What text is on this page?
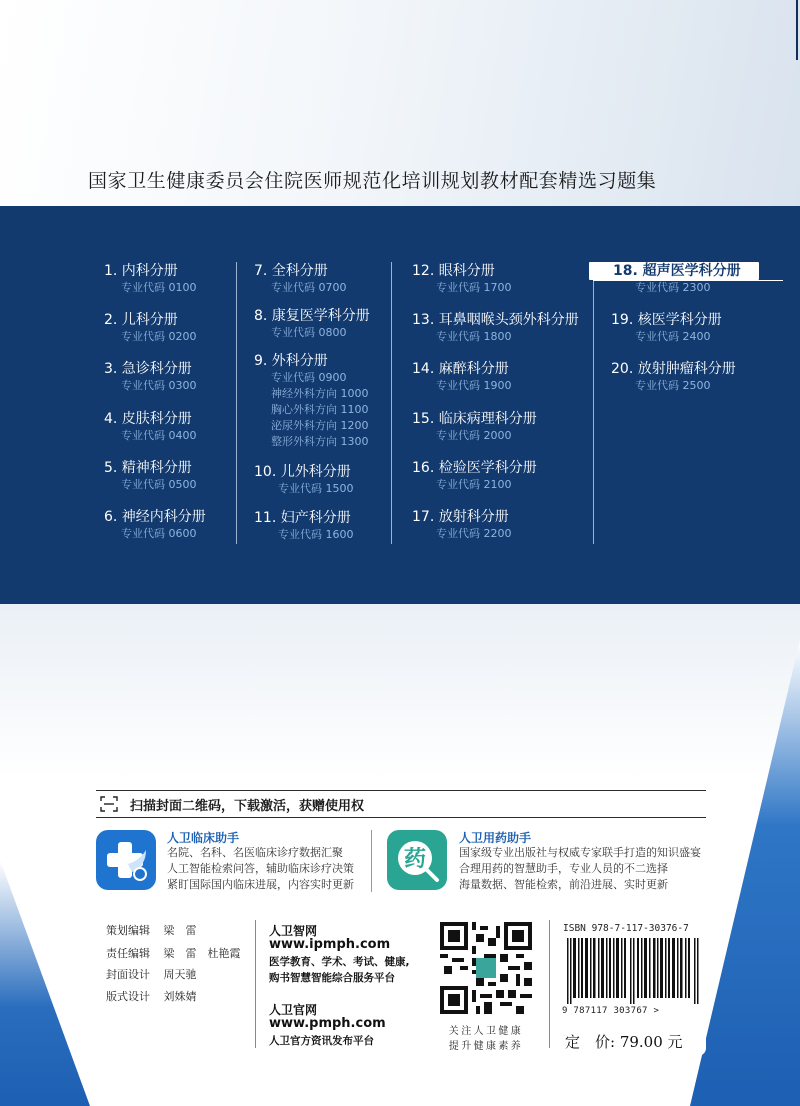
国家卫生健康委员会住院医师规范化培训规划教材配套精选习题集
1. 内科分册
专业代码 0100
2. 儿科分册
专业代码 0200
3. 急诊科分册
专业代码 0300
4. 皮肤科分册
专业代码 0400
5. 精神科分册
专业代码 0500
6. 神经内科分册
专业代码 0600
7. 全科分册
专业代码 0700
8. 康复医学科分册
专业代码 0800
9. 外科分册
专业代码 0900
神经外科方向 1000
胸心外科方向 1100
泌尿外科方向 1200
整形外科方向 1300
10. 儿外科分册
专业代码 1500
11. 妇产科分册
专业代码 1600
12. 眼科分册
专业代码 1700
13. 耳鼻咽喉头颈外科分册
专业代码 1800
14. 麻醉科分册
专业代码 1900
15. 临床病理科分册
专业代码 2000
16. 检验医学科分册
专业代码 2100
17. 放射科分册
专业代码 2200
18. 超声医学科分册
专业代码 2300
19. 核医学科分册
专业代码 2400
20. 放射肿瘤科分册
专业代码 2500
扫描封面二维码，下载激活，获赠使用权
人卫临床助手
名院、名科、名医临床诊疗数据汇聚
人工智能检索问答，辅助临床诊疗决策
紧盯国际国内临床进展，内容实时更新
药
人卫用药助手
国家级专业出版社与权威专家联手打造的知识盛宴
合理用药的智慧助手，专业人员的不二选择
海量数据、智能检索，前沿进展、实时更新
策划编辑 梁　雷
责任编辑 梁　雷　杜艳霞
封面设计 周天驰
版式设计 刘姝婧
人卫智网
www.ipmph.com
医学教育、学术、考试、健康,
购书智慧智能综合服务平台
人卫官网
www.pmph.com
人卫官方资讯发布平台
关注人卫健康
提升健康素养
ISBN 978-7-117-30376-7
9 787117 303767 >
定　价: 79.00 元
